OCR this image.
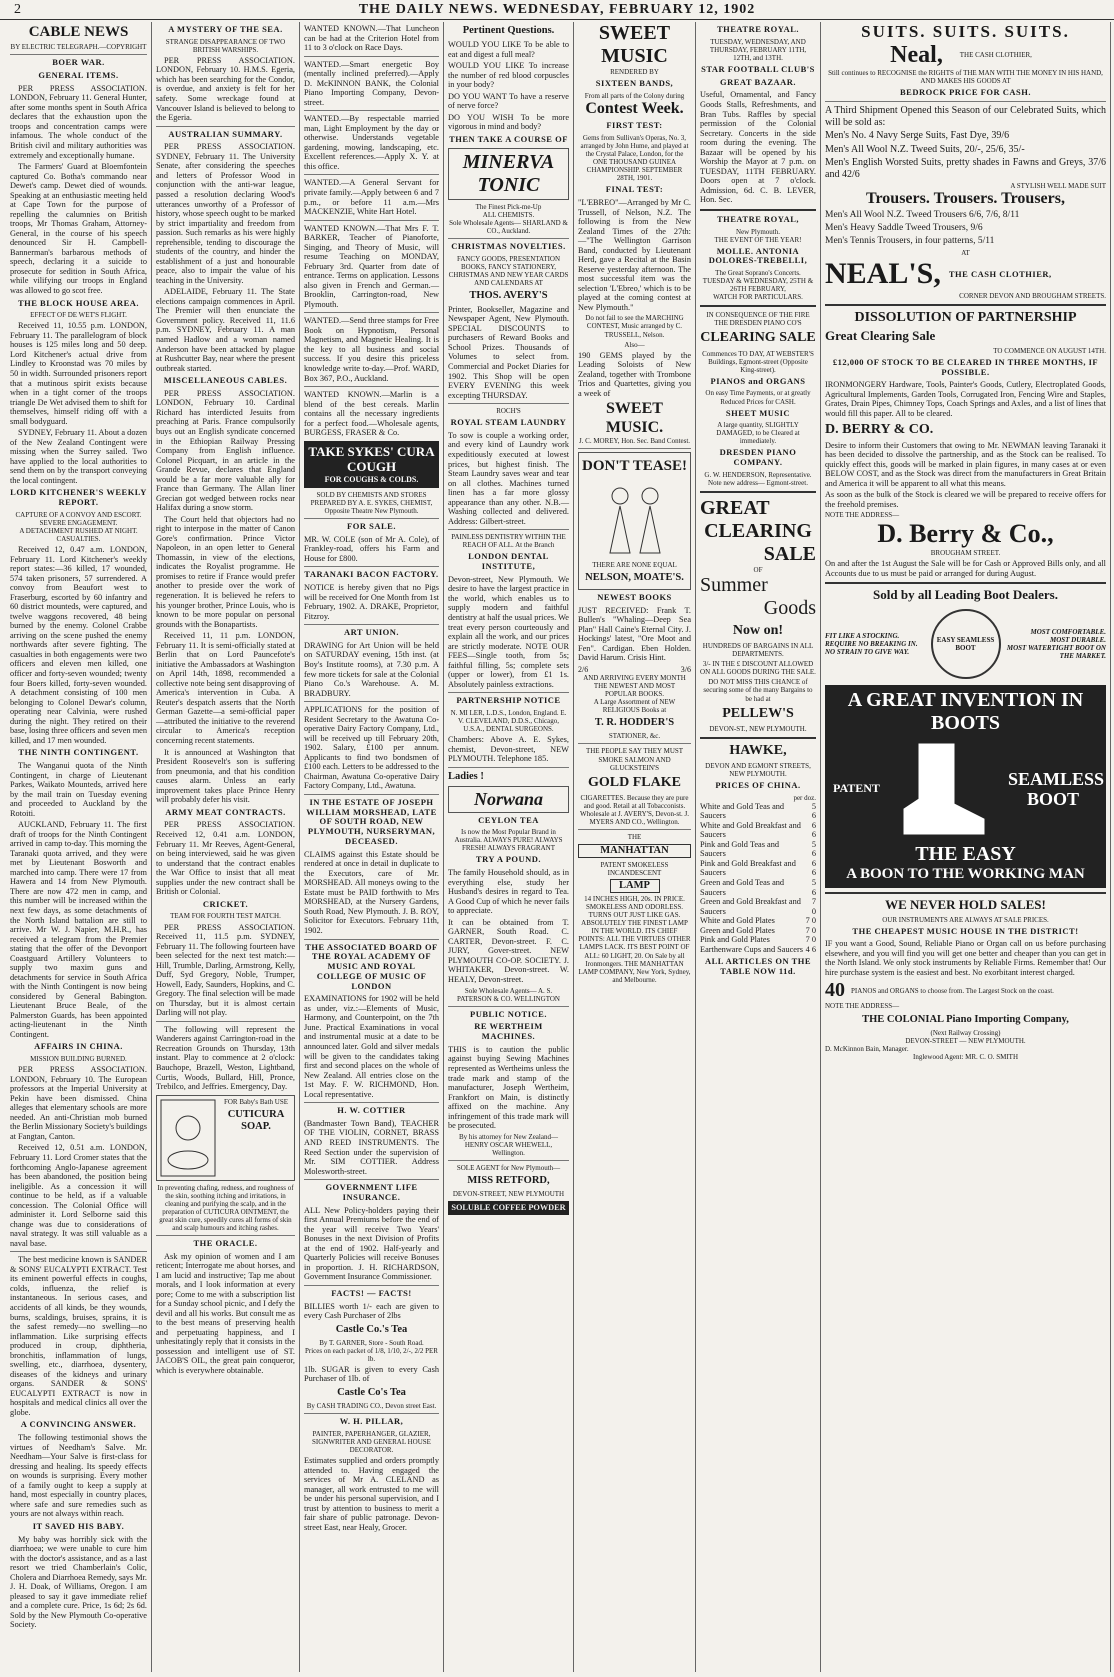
2	THE DAILY NEWS. WEDNESDAY, FEBRUARY 12, 1902
CABLE NEWS
BY ELECTRIC TELEGRAPH.—COPYRIGHT
BOER WAR.
GENERAL ITEMS.

PER PRESS ASSOCIATION. LONDON, February 11. General Hunter, after some months spent in South Africa declares that the exhaustion upon the troops and concentration camps were infamous. The whole conduct of the British civil and military authorities was extremely and exceptionally humane.

The Farmers' Guard at Bloemfontein captured Co. Botha's commando near Dewet's camp. Dewet died of wounds. Speaking at an enthusiastic meeting held at Cape Town for the purpose of repelling the calumnies on British troops, Mr Thomas Graham, Attorney-General, in the course of his speech denounced Sir H. Campbell-Bannerman's barbarous methods of speech, declaring it a suicide to prosecute for sedition in South Africa, while vilifying our troops in England was allowed to go scot free.

THE BLOCK HOUSE AREA.
EFFECT OF DE WET'S FLIGHT.

Received 11, 10.55 p.m. LONDON, February 11. The parallelogram of block houses is 125 miles long and 50 deep. Lord Kitchener's actual drive from Lindley to Kroonstad was 70 miles by 50 in width. Surrounded prisoners report that a mutinous spirit exists because when in a tight corner of the troops triangle De Wet advised them to shift for themselves, himself riding off with a small bodyguard.

SYDNEY, February 11. About a dozen of the New Zealand Contingent were missing when the Surrey sailed. Two have applied to the local authorities to send them on by the transport conveying the local contingent.

LORD KITCHENER'S WEEKLY REPORT.
CAPTURE OF A CONVOY AND ESCORT.
SEVERE ENGAGEMENT.
A DETACHMENT RUSHED AT NIGHT.
CASUALTIES.

Received 12, 0.47 a.m. LONDON, February 11. Lord Kitchener's weekly report states:—36 killed, 17 wounded, 574 taken prisoners, 57 surrendered. A convoy from Beaufort west to Fraserburg, escorted by 60 infantry and 60 district mounteds, were captured, and twelve waggons recovered, 48 being burned by the enemy. Colonel Crabbe arriving on the scene pushed the enemy northwards after severe fighting. The casualties in both engagements were two officers and eleven men killed, one officer and forty-seven wounded; twenty four Boers killed, forty-seven wounded. A detachment consisting of 100 men belonging to Colonel Dewar's column, operating near Calvinia, were rushed during the night. They retired on their base, losing three officers and seven men killed, and 17 men wounded.

THE NINTH CONTINGENT.

The Wanganui quota of the Ninth Contingent, in charge of Lieutenant Parkes, Waikato Mounteds, arrived here by the mail train on Tuesday evening and proceeded to Auckland by the Rotoiti.

AUCKLAND, February 11. The first draft of troops for the Ninth Contingent arrived in camp to-day. This morning the Taranaki quota arrived, and they were met by Lieutenant Bosworth and marched into camp. There were 17 from Hawera and 14 from New Plymouth. There are now 472 men in camp, and this number will be increased within the next few days, as some detachments of the North Island battalion are still to arrive. Mr W. J. Napier, M.H.R., has received a telegram from the Premier stating that the offer of the Devonport Coastguard Artillery Volunteers to supply two maxim guns and detachments for service in South Africa with the Ninth Contingent is now being considered by General Babington. Lieutenant Bruce Beale, of the Palmerston Guards, has been appointed acting-lieutenant in the Ninth Contingent.

AFFAIRS IN CHINA.
MISSION BUILDING BURNED.

PER PRESS ASSOCIATION. LONDON, February 10. The European professors at the Imperial University at Pekin have been dismissed. China alleges that elementary schools are more needed. An anti-Christian mob burned the Berlin Missionary Society's buildings at Fangtan, Canton.

Received 12, 0.51 a.m. LONDON, February 11. Lord Cromer states that the forthcoming Anglo-Japanese agreement has been abandoned, the position being ineligible. As a concession it will continue to be held, as if a valuable concession. The Colonial Office will administer it. Lord Selborne said this change was due to considerations of naval strategy. It was still valuable as a naval base.

The best medicine known is SANDER & SONS' EUCALYPTI EXTRACT. Test its eminent powerful effects in coughs, colds, influenza, the relief is instantaneous. In serious cases, and accidents of all kinds, be they wounds, burns, scaldings, bruises, sprains, it is the safest remedy—no swelling—no inflammation. Like surprising effects produced in croup, diphtheria, bronchitis, inflammation of lungs, swelling, etc., diarrhoea, dysentery, diseases of the kidneys and urinary organs. SANDER & SONS' EUCALYPTI EXTRACT is now in hospitals and medical clinics all over the globe.

A CONVINCING ANSWER.

The following testimonial shows the virtues of Needham's Salve. Mr. Needham—Your Salve is first-class for dressing and healing. Its speedy effects on wounds is surprising. Every mother of a family ought to keep a supply at hand, most especially in country places, where safe and sure remedies such as yours are not always within reach.

IT SAVED HIS BABY.

My baby was horribly sick with the diarrhoea; we were unable to cure him with the doctor's assistance, and as a last resort we tried Chamberlain's Colic, Cholera and Diarrhoea Remedy, says Mr. J. H. Doak, of Williams, Oregon. I am pleased to say it gave immediate relief and a complete cure. Price, 1s 6d; 2s 6d. Sold by the New Plymouth Co-operative Society.

A MYSTERY OF THE SEA.
STRANGE DISAPPEARANCE OF TWO BRITISH WARSHIPS.

PER PRESS ASSOCIATION. LONDON, February 10. H.M.S. Egeria, which has been searching for the Condor, is overdue, and anxiety is felt for her safety. Some wreckage found at Vancouver Island is believed to belong to the Egeria.

AUSTRALIAN SUMMARY.

PER PRESS ASSOCIATION. SYDNEY, February 11. The University Senate, after considering the speeches and letters of Professor Wood in conjunction with the anti-war league, passed a resolution declaring Wood's utterances unworthy of a Professor of history, whose speech ought to be marked by strict impartiality and freedom from passion. Such remarks as his were highly reprehensible, tending to discourage the students of the country, and hinder the establishment of a just and honourable peace, also to impair the value of his teaching in the University.

ADELAIDE, February 11. The State elections campaign commences in April. The Premier will then enunciate the Government policy. Received 11, 11.6 p.m. SYDNEY, February 11. A man named Hadlow and a woman named Anderson have been attacked by plague at Rushcutter Bay, near where the present outbreak started.

MISCELLANEOUS CABLES.

PER PRESS ASSOCIATION. LONDON, February 10. Cardinal Richard has interdicted Jesuits from preaching at Paris. France compulsorily buys out an English syndicate concerned in the Ethiopian Railway Pressing Company from English influence. Colonel Picquart, in an article in the Grande Revue, declares that England would be a far more valuable ally for France than Germany. The Allan liner Grecian got wedged between rocks near Halifax during a snow storm.

The Court held that objectors had no right to interpose in the matter of Canon Gore's confirmation. Prince Victor Napoleon, in an open letter to General Thomassin, in view of the elections, indicates the Royalist programme. He promises to retire if France would prefer another to preside over the work of regeneration. It is believed he refers to his younger brother, Prince Louis, who is known to be more popular on personal grounds with the Bonapartists.

Received 11, 11 p.m. LONDON, February 11. It is semi-officially stated at Berlin that on Lord Pauncefote's initiative the Ambassadors at Washington on April 14th, 1898, recommended a collective note being sent disapproving of America's intervention in Cuba. A Reuter's despatch asserts that the North German Gazette—a semi-official paper—attributed the initiative to the reverend circular to America's reception concerning recent statements.

It is announced at Washington that President Roosevelt's son is suffering from pneumonia, and that his condition causes alarm. Unless an early improvement takes place Prince Henry will probably defer his visit.

ARMY MEAT CONTRACTS.

PER PRESS ASSOCIATION. Received 12, 0.41 a.m. LONDON, February 11. Mr Reeves, Agent-General, on being interviewed, said he was given to understand that the contract enables the War Office to insist that all meat supplies under the new contract shall be British or Colonial.

CRICKET.
TEAM FOR FOURTH TEST MATCH.

PER PRESS ASSOCIATION. Received 11, 11.5 p.m. SYDNEY, February 11. The following fourteen have been selected for the next test match:—Hill, Trumble, Darling, Armstrong, Kelly, Duff, Syd Gregory, Noble, Trumper, Howell, Eady, Saunders, Hopkins, and C. Gregory. The final selection will be made on Thursday, but it is almost certain Darling will not play.

The following will represent the Wanderers against Carrington-road in the Recreation Grounds on Thursday, 13th instant. Play to commence at 2 o'clock: Bauchope, Brazell, Weston, Lightband, Curtis, Woods, Bullard, Hill, Pronce, Trebilco, and Jeffries. Emergency, Day.

FOR Baby's Bath USE
CUTICURA SOAP.

In preventing chafing, redness, and roughness of the skin, soothing itching and irritations, in cleaning and purifying the scalp, and in the preparation of CUTICURA OINTMENT, the great skin cure, speedily cures all forms of skin and scalp humours and itching rashes.

THE ORACLE.

Ask my opinion of women and I am reticent; Interrogate me about horses, and I am lucid and instructive; Tap me about morals, and I look information at every pore; Come to me with a subscription list for a Sunday school picnic, and I defy the devil and all his works. But consult me as to the best means of preserving health and perpetuating happiness, and I unhesitatingly reply that it consists in the possession and intelligent use of ST. JACOB'S OIL, the great pain conqueror, which is everywhere obtainable.

WANTED KNOWN.—That Luncheon can be had at the Criterion Hotel from 11 to 3 o'clock on Race Days.

WANTED.—Smart energetic Boy (mentally inclined preferred).—Apply D. McKINNON BANK, the Colonial Piano Importing Company, Devon-street.

WANTED.—By respectable married man, Light Employment by the day or otherwise. Understands vegetable gardening, mowing, landscaping, etc. Excellent references.—Apply X. Y. at this office.

WANTED.—A General Servant for private family.—Apply between 6 and 7 p.m., or before 11 a.m.—Mrs MACKENZIE, White Hart Hotel.

WANTED KNOWN.—That Mrs F. T. BARKER, Teacher of Pianoforte, Singing, and Theory of Music, will resume Teaching on MONDAY, February 3rd. Quarter from date of entrance. Terms on application. Lessons also given in French and German.—Brooklin, Carrington-road, New Plymouth.

WANTED.—Send three stamps for Free Book on Hypnotism, Personal Magnetism, and Magnetic Healing. It is the key to all business and social success. If you desire this priceless knowledge write to-day.—Prof. WARD, Box 367, P.O., Auckland.

WANTED KNOWN.—Marlin is a blend of the best cereals. Marlin contains all the necessary ingredients for a perfect food.—Wholesale agents, BURGESS, FRASER & Co.

TAKE SYKES' CURA COUGH
FOR COUGHS & COLDS.
SOLD BY CHEMISTS AND STORES
PREPARED BY A. E. SYKES, CHEMIST, Opposite Theatre New Plymouth.
FOR SALE.

MR. W. COLE (son of Mr A. Cole), of Frankley-road, offers his Farm and House for £800.

TARANAKI BACON FACTORY.

NOTICE is hereby given that no Pigs will be received for One Month from 1st February, 1902. A. DRAKE, Proprietor, Fitzroy.

ART UNION.

DRAWING for Art Union will be held on SATURDAY evening, 15th inst. (at Boy's Institute rooms), at 7.30 p.m. A few more tickets for sale at the Colonial Piano Co.'s Warehouse. A. M. BRADBURY.

APPLICATIONS for the position of Resident Secretary to the Awatuna Co-operative Dairy Factory Company, Ltd., will be received up till February 20th, 1902. Salary, £100 per annum. Applicants to find two bondsmen of £100 each. Letters to be addressed to the Chairman, Awatuna Co-operative Dairy Factory Company, Ltd., Awatuna.

IN THE ESTATE OF JOSEPH WILLIAM MORSHEAD, LATE OF SOUTH ROAD, NEW PLYMOUTH, NURSERYMAN, DECEASED.

CLAIMS against this Estate should be rendered at once in detail in duplicate to the Executors, care of Mr. MORSHEAD. All moneys owing to the Estate must be PAID forthwith to Mrs MORSHEAD, at the Nursery Gardens, South Road, New Plymouth. J. B. ROY, Solicitor for Executors. February 11th, 1902.

THE ASSOCIATED BOARD OF THE ROYAL ACADEMY OF MUSIC AND ROYAL COLLEGE OF MUSIC OF LONDON

EXAMINATIONS for 1902 will be held as under, viz.:—Elements of Music, Harmony, and Counterpoint, on the 7th June. Practical Examinations in vocal and instrumental music at a date to be announced later. Gold and silver medals will be given to the candidates taking first and second places on the whole of New Zealand. All entries close on the 1st May. F. W. RICHMOND, Hon. Local representative.

H. W. COTTIER

(Bandmaster Town Band), TEACHER OF THE VIOLIN, CORNET, BRASS AND REED INSTRUMENTS. The Reed Section under the supervision of Mr. SIM COTTIER. Address Molesworth-street.

GOVERNMENT LIFE INSURANCE.

ALL New Policy-holders paying their first Annual Premiums before the end of the year will receive Two Years' Bonuses in the next Division of Profits at the end of 1902. Half-yearly and Quarterly Policies will receive Bonuses in proportion. J. H. RICHARDSON, Government Insurance Commissioner.

FACTS! — FACTS!

BILLIES worth 1/- each are given to every Cash Purchaser of 2lbs

Castle Co.'s Tea
By T. GARNER, Store - South Road.
Prices on each packet of 1/8, 1/10, 2/-, 2/2 PER lb.

1lb. SUGAR is given to every Cash Purchaser of 1lb. of

Castle Co's Tea
By CASH TRADING CO., Devon street East.
W. H. PILLAR,
PAINTER, PAPERHANGER, GLAZIER, SIGNWRITER AND GENERAL HOUSE DECORATOR.

Estimates supplied and orders promptly attended to. Having engaged the services of Mr A. CLELAND as manager, all work entrusted to me will be under his personal supervision, and I trust by attention to business to merit a fair share of public patronage. Devon-street East, near Healy, Grocer.

Pertinent Questions.

WOULD YOU LIKE To be able to eat and digest a full meal?

WOULD YOU LIKE To increase the number of red blood corpuscles in your body?

DO YOU WANT To have a reserve of nerve force?

DO YOU WISH To be more vigorous in mind and body?

THEN TAKE A COURSE OF
MINERVA TONIC
The Finest Pick-me-Up
ALL CHEMISTS.
Sole Wholesale Agents— SHARLAND & CO., Auckland.
CHRISTMAS NOVELTIES.
FANCY GOODS, PRESENTATION BOOKS, FANCY STATIONERY, CHRISTMAS AND NEW YEAR CARDS AND CALENDARS AT
THOS. AVERY'S

Printer, Bookseller, Magazine and Newspaper Agent, New Plymouth. SPECIAL DISCOUNTS to purchasers of Reward Books and School Prizes. Thousands of Volumes to select from. Commercial and Pocket Diaries for 1902. This Shop will be open EVERY EVENING this week excepting THURSDAY.

ROCH'S
ROYAL STEAM LAUNDRY

To sow is couple a working order, and every kind of Laundry work expeditiously executed at lowest prices, but highest finish. The Steam Laundry saves wear and tear on all clothes. Machines turned linen has a far more glossy appearance than any other. N.B.—Washing collected and delivered. Address: Gilbert-street.

PAINLESS DENTISTRY WITHIN THE REACH OF ALL. At the Branch
LONDON DENTAL INSTITUTE,

Devon-street, New Plymouth. We desire to have the largest practice in the world, which enables us to supply modern and faithful dentistry at half the usual prices. We treat every person courteously and explain all the work, and our prices are strictly moderate. NOTE OUR FEES—Single tooth, from 5s; faithful filling, 5s; complete sets (upper or lower), from £1 1s. Absolutely painless extractions.

PARTNERSHIP NOTICE
N. MI LER, L.D.S., London, England. E. V. CLEVELAND, D.D.S., Chicago, U.S.A., DENTAL SURGEONS.

Chambers: Above A. E. Sykes, chemist, Devon-street, NEW PLYMOUTH. Telephone 185.

Ladies !
Norwana
CEYLON TEA
Is now the Most Popular Brand in Australia. ALWAYS PURE! ALWAYS FRESH! ALWAYS FRAGRANT
TRY A POUND.

The family Household should, as in everything else, study her Husband's desires in regard to Tea. A Good Cup of which he never fails to appreciate.

It can be obtained from T. GARNER, South Road. C. CARTER, Devon-street. F. C. JURY, Gover-street. NEW PLYMOUTH CO-OP. SOCIETY. J. WHITAKER, Devon-street. W. HEALY, Devon-street.

Sole Wholesale Agents— A. S. PATERSON & CO. WELLINGTON
PUBLIC NOTICE.
RE WERTHEIM MACHINES.

THIS is to caution the public against buying Sewing Machines represented as Wertheims unless the trade mark and stamp of the manufacturer, Joseph Wertheim, Frankfort on Main, is distinctly affixed on the machine. Any infringement of this trade mark will be prosecuted.

By his attorney for New Zealand— HENRY OSCAR WHEWELL, Wellington.
SOLE AGENT for New Plymouth—
MISS RETFORD,
DEVON-STREET, NEW PLYMOUTH
SOLUBLE COFFEE POWDER
SWEET MUSIC
RENDERED BY
SIXTEEN BANDS,
From all parts of the Colony during
Contest Week.
FIRST TEST:

Gems from Sullivan's Operas, No. 3, arranged by John Hume, and played at the Crystal Palace, London, for the ONE THOUSAND GUINEA CHAMPIONSHIP. SEPTEMBER 28TH, 1901.

FINAL TEST:

"L'EBREO"—Arranged by Mr C. Trussell, of Nelson, N.Z. The following is from the New Zealand Times of the 27th:—"The Wellington Garrison Band, conducted by Lieutenant Herd, gave a Recital at the Basin Reserve yesterday afternoon. The most successful item was the selection 'L'Ebreo,' which is to be played at the coming contest at New Plymouth."

Do not fail to see the MARCHING CONTEST, Music arranged by C. TRUSSELL, Nelson.

Also—

190 GEMS played by the Leading Soloists of New Zealand, together with Trombone Trios and Quartettes, giving you a week of

SWEET MUSIC.
J. C. MOREY, Hon. Sec. Band Contest.
DON'T TEASE!
THERE ARE NONE EQUAL
NELSON, MOATE'S.
NEWEST BOOKS

JUST RECEIVED: Frank T. Bullen's "Whaling—Deep Sea Plan" Hall Caine's Eternal City. J. Hockings' latest, "Ore Moot and Fen". Cardigan. Eben Holden. David Harum. Crisis Hint.

2/6	3/6
AND ARRIVING EVERY MONTH THE NEWEST AND MOST POPULAR BOOKS.
A Large Assortment of NEW RELIGIOUS Books at
T. R. HODDER'S
STATIONER, &c.
THE PEOPLE SAY THEY MUST SMOKE SALMON AND GLUCKSTEIN'S
GOLD FLAKE

CIGARETTES. Because they are pure and good. Retail at all Tobacconists. Wholesale at J. AVERY'S, Devon-st. J. MYERS AND CO., Wellington.

THE
MANHATTAN
PATENT SMOKELESS INCANDESCENT
LAMP

14 INCHES HIGH, 20s. IN PRICE. SMOKELESS AND ODORLESS. TURNS OUT JUST LIKE GAS. ABSOLUTELY THE FINEST LAMP IN THE WORLD. ITS CHIEF POINTS: ALL THE VIRTUES OTHER LAMPS LACK. ITS BEST POINT OF ALL: 60 LIGHT, 20. On Sale by all Ironmongers. THE MANHATTAN LAMP COMPANY, New York, Sydney, and Melbourne.

THEATRE ROYAL.
TUESDAY, WEDNESDAY, AND THURSDAY, FEBRUARY 11TH, 12TH, and 13TH.
STAR FOOTBALL CLUB'S
GREAT BAZAAR.

Useful, Ornamental, and Fancy Goods Stalls, Refreshments, and Bran Tubs. Raffles by special permission of the Colonial Secretary. Concerts in the side room during the evening. The Bazaar will be opened by his Worship the Mayor at 7 p.m. on TUESDAY, 11TH FEBRUARY. Doors open at 7 o'clock. Admission, 6d. C. B. LEVER, Hon. Sec.

THEATRE ROYAL,
New Plymouth.
THE EVENT OF THE YEAR!
MOLLE. ANTONIA DOLORES-TREBELLI,
The Great Soprano's Concerts.
TUESDAY & WEDNESDAY, 25TH & 26TH FEBRUARY,
WATCH FOR PARTICULARS.
IN CONSEQUENCE OF THE FIRE THE DRESDEN PIANO CO'S
CLEARING SALE

Commences TO DAY, AT WEBSTER'S Buildings, Egmont-street (Opposite King-street).

PIANOS and ORGANS

On easy Time Payments, or at greatly Reduced Prices for CASH.

SHEET MUSIC

A large quantity, SLIGHTLY DAMAGED, to be Cleared at immediately.

DRESDEN PIANO COMPANY.

G. W. HENDERSON, Representative. Note new address— Egmont-street.

GREAT
CLEARING
SALE
OF
Summer
Goods
Now on!
HUNDREDS OF BARGAINS IN ALL DEPARTMENTS.

3/- IN THE £ DISCOUNT ALLOWED ON ALL GOODS DURING THE SALE.

DO NOT MISS THIS CHANCE of securing some of the many Bargains to be had at

PELLEW'S
DEVON-ST., NEW PLYMOUTH.
HAWKE,
DEVON AND EGMONT STREETS, NEW PLYMOUTH.
PRICES OF CHINA.
per doz.
White and Gold Teas and Saucers
5 6
White and Gold Breakfast and Saucers
6 6
Pink and Gold Teas and Saucers
5 6
Pink and Gold Breakfast and Saucers
6 6
Green and Gold Teas and Saucers
5 6
Green and Gold Breakfast and Saucers
7 0
White and Gold Plates	7 0
Green and Gold Plates	7 0
Pink and Gold Plates	7 0
Earthenware Cups and Saucers 4 6
ALL ARTICLES ON THE TABLE NOW 11d.
SUITS. SUITS. SUITS.
Neal,	THE CASH CLOTHIER,
Still continues to RECOGNISE the RIGHTS of THE MAN WITH THE MONEY IN HIS HAND, AND MAKES HIS GOODS AT
BEDROCK PRICE FOR CASH.

A Third Shipment Opened this Season of our Celebrated Suits, which will be sold as:

Men's No. 4 Navy Serge Suits, Fast Dye, 39/6

Men's All Wool N.Z. Tweed Suits, 20/-, 25/6, 35/-

Men's English Worsted Suits, pretty shades in Fawns and Greys, 37/6 and 42/6

A STYLISH WELL MADE SUIT
Trousers. Trousers. Trousers,

Men's All Wool N.Z. Tweed Trousers 6/6, 7/6, 8/11

Men's Heavy Saddle Tweed Trousers, 9/6

Men's Tennis Trousers, in four patterns, 5/11

AT
NEAL'S, THE CASH CLOTHIER,
CORNER DEVON AND BROUGHAM STREETS.
DISSOLUTION OF PARTNERSHIP
Great Clearing Sale
TO COMMENCE ON AUGUST 14TH.
£12,000 OF STOCK TO BE CLEARED IN THREE MONTHS, IF POSSIBLE.

IRONMONGERY Hardware, Tools, Painter's Goods, Cutlery, Electroplated Goods, Agricultural Implements, Garden Tools, Corrugated Iron, Fencing Wire and Staples, Grates, Drain Pipes, Chimney Tops, Coach Springs and Axles, and a list of lines that would fill this paper. All to be cleared.

D. BERRY & CO.

Desire to inform their Customers that owing to Mr. NEWMAN leaving Taranaki it has been decided to dissolve the partnership, and as the Stock can be realised. To quickly effect this, goods will be marked in plain figures, in many cases at or even BELOW COST, and as the Stock was direct from the manufacturers in Great Britain and America it will be apparent to all what this means.

As soon as the bulk of the Stock is cleared we will be prepared to receive offers for the freehold premises.

NOTE THE ADDRESS—
D. Berry & Co.,
BROUGHAM STREET.

On and after the 1st August the Sale will be for Cash or Approved Bills only, and all Accounts due to us must be paid or arranged for during August.

Sold by all Leading Boot Dealers.
FIT LIKE A STOCKING.
REQUIRE NO BREAKING IN.
NO STRAIN TO GIVE WAY.
EASY SEAMLESS BOOT
MOST COMFORTABLE.
MOST DURABLE.
MOST WATERTIGHT BOOT ON THE MARKET.
A GREAT INVENTION IN BOOTS
PATENT	SEAMLESS BOOT
THE EASY
A BOON TO THE WORKING MAN
WE NEVER HOLD SALES!
OUR INSTRUMENTS ARE ALWAYS AT SALE PRICES.
THE CHEAPEST MUSIC HOUSE IN THE DISTRICT!

IF you want a Good, Sound, Reliable Piano or Organ call on us before purchasing elsewhere, and you will find you will get one better and cheaper than you can get in the North Island. We only stock instruments by Reliable Firms. Remember that! Our hire purchase system is the easiest and best. No exorbitant interest charged.

40 PIANOS and ORGANS to choose from. The Largest Stock on the coast.
NOTE THE ADDRESS—
THE COLONIAL Piano Importing Company,
(Next Railway Crossing)
DEVON-STREET — NEW PLYMOUTH.
D. McKinnon Bain, Manager.
Inglewood Agent: MR. C. O. SMITH
